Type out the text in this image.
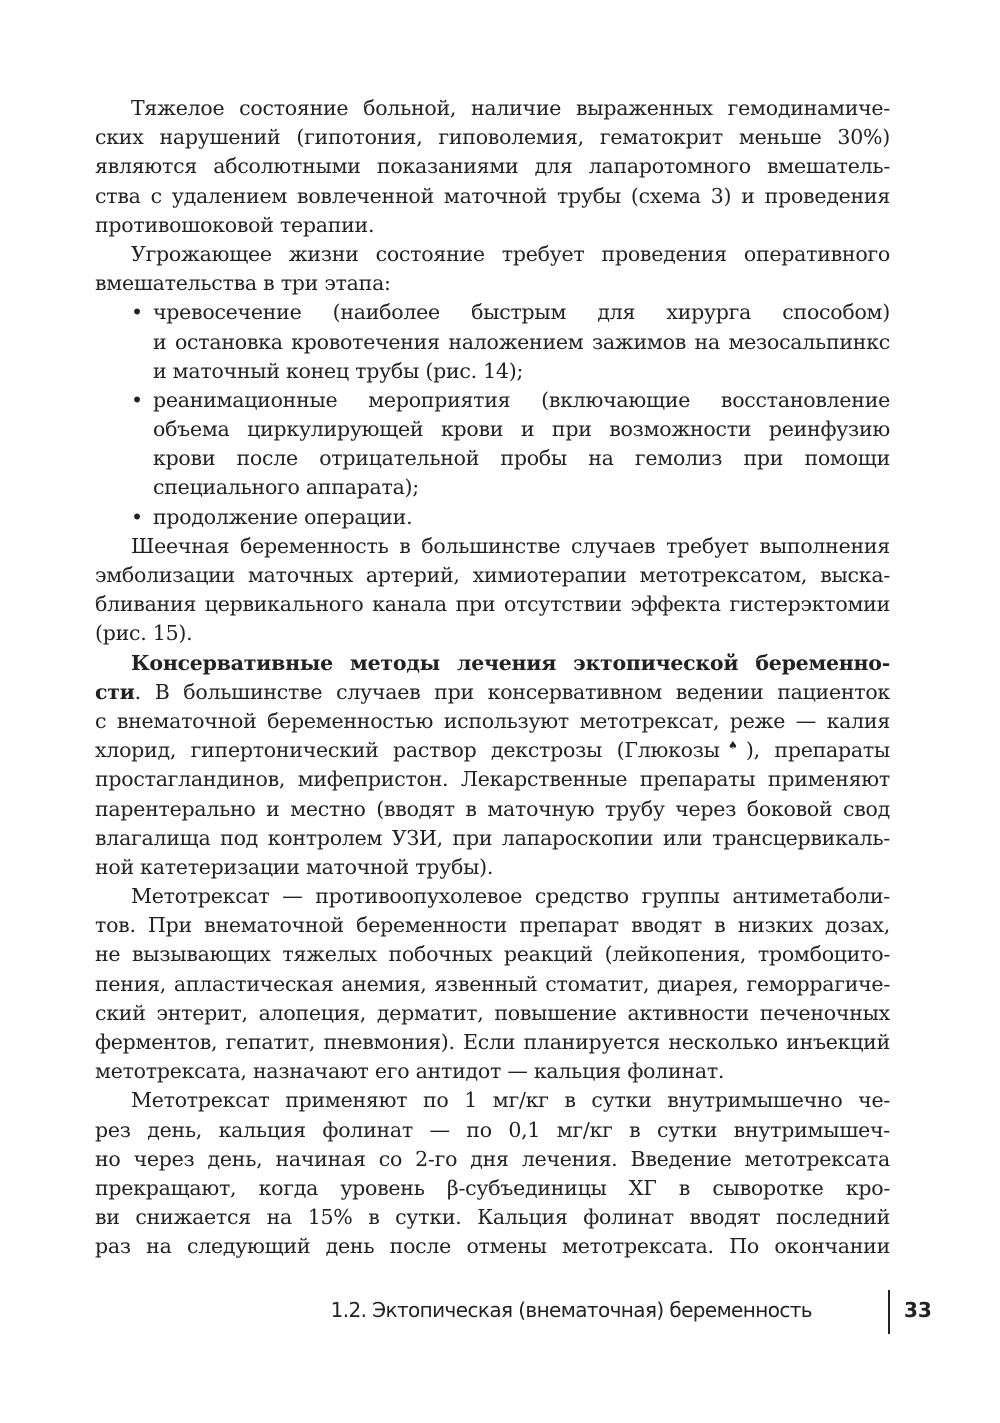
Тяжелое состояние больной, наличие выраженных гемодинамиче-
ских нарушений (гипотония, гиповолемия, гематокрит меньше 30%)
являются абсолютными показаниями для лапаротомного вмешатель-
ства с удалением вовлеченной маточной трубы (схема 3) и проведения
противошоковой терапии.
Угрожающее жизни состояние требует проведения оперативного
вмешательства в три этапа:
• чревосечение (наиболее быстрым для хирурга способом)
и остановка кровотечения наложением зажимов на мезосальпинкс
и маточный конец трубы (рис. 14);
• реанимационные мероприятия (включающие восстановление
объема циркулирующей крови и при возможности реинфузию
крови после отрицательной пробы на гемолиз при помощи
специального аппарата);
• продолжение операции.
Шеечная беременность в большинстве случаев требует выполнения
эмболизации маточных артерий, химиотерапии метотрексатом, выска-
бливания цервикального канала при отсутствии эффекта гистерэктомии
(рис. 15).
Консервативные методы лечения эктопической беременно-
сти. В большинстве случаев при консервативном ведении пациенток
с внематочной беременностью используют метотрексат, реже — калия
хлорид, гипертонический раствор декстрозы (Глюкозы♠), препараты
простагландинов, мифепристон. Лекарственные препараты применяют
парентерально и местно (вводят в маточную трубу через боковой свод
влагалища под контролем УЗИ, при лапароскопии или трансцервикаль-
ной катетеризации маточной трубы).
Метотрексат — противоопухолевое средство группы антиметаболи-
тов. При внематочной беременности препарат вводят в низких дозах,
не вызывающих тяжелых побочных реакций (лейкопения, тромбоцито-
пения, апластическая анемия, язвенный стоматит, диарея, геморрагиче-
ский энтерит, алопеция, дерматит, повышение активности печеночных
ферментов, гепатит, пневмония). Если планируется несколько инъекций
метотрексата, назначают его антидот — кальция фолинат.
Метотрексат применяют по 1 мг/кг в сутки внутримышечно че-
рез день, кальция фолинат — по 0,1 мг/кг в сутки внутримышеч-
но через день, начиная со 2-го дня лечения. Введение метотрексата
прекращают, когда уровень β-субъединицы ХГ в сыворотке кро-
ви снижается на 15% в сутки. Кальция фолинат вводят последний
раз на следующий день после отмены метотрексата. По окончании
1.2. Эктопическая (внематочная) беременность	33
